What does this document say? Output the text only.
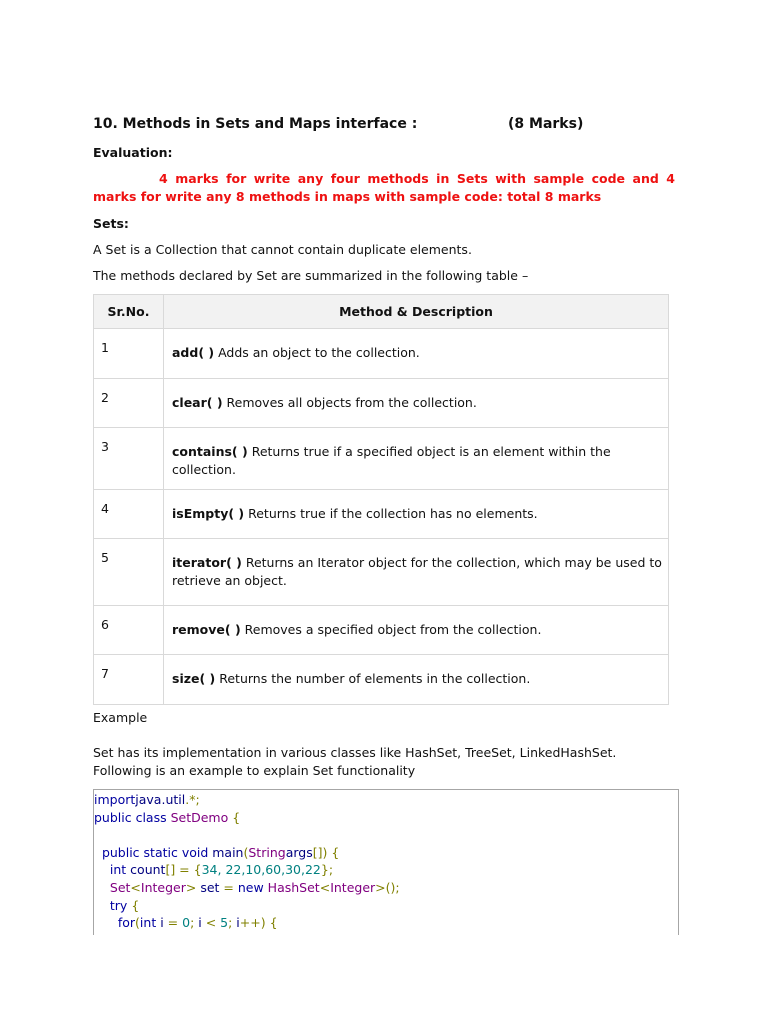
10. Methods in Sets and Maps interface :	(8 Marks)
Evaluation:
4 marks for write any four methods in Sets with sample code and 4 marks for write any 8 methods in maps with sample code: total 8 marks
Sets:
A Set is a Collection that cannot contain duplicate elements.
The methods declared by Set are summarized in the following table –
Sr.No.	Method & Description
1	add( ) Adds an object to the collection.
2	clear( ) Removes all objects from the collection.
3	contains( ) Returns true if a specified object is an element within the collection.
4	isEmpty( ) Returns true if the collection has no elements.
5	iterator( ) Returns an Iterator object for the collection, which may be used to retrieve an object.
6	remove( ) Removes a specified object from the collection.
7	size( ) Returns the number of elements in the collection.
Example
Set has its implementation in various classes like HashSet, TreeSet, LinkedHashSet. Following is an example to explain Set functionality
importjava.util.*;
public class SetDemo {
public static void main(Stringargs[]) {
int count[] = {34, 22,10,60,30,22};
Set<Integer> set = new HashSet<Integer>();
try {
for(int i = 0; i < 5; i++) {
